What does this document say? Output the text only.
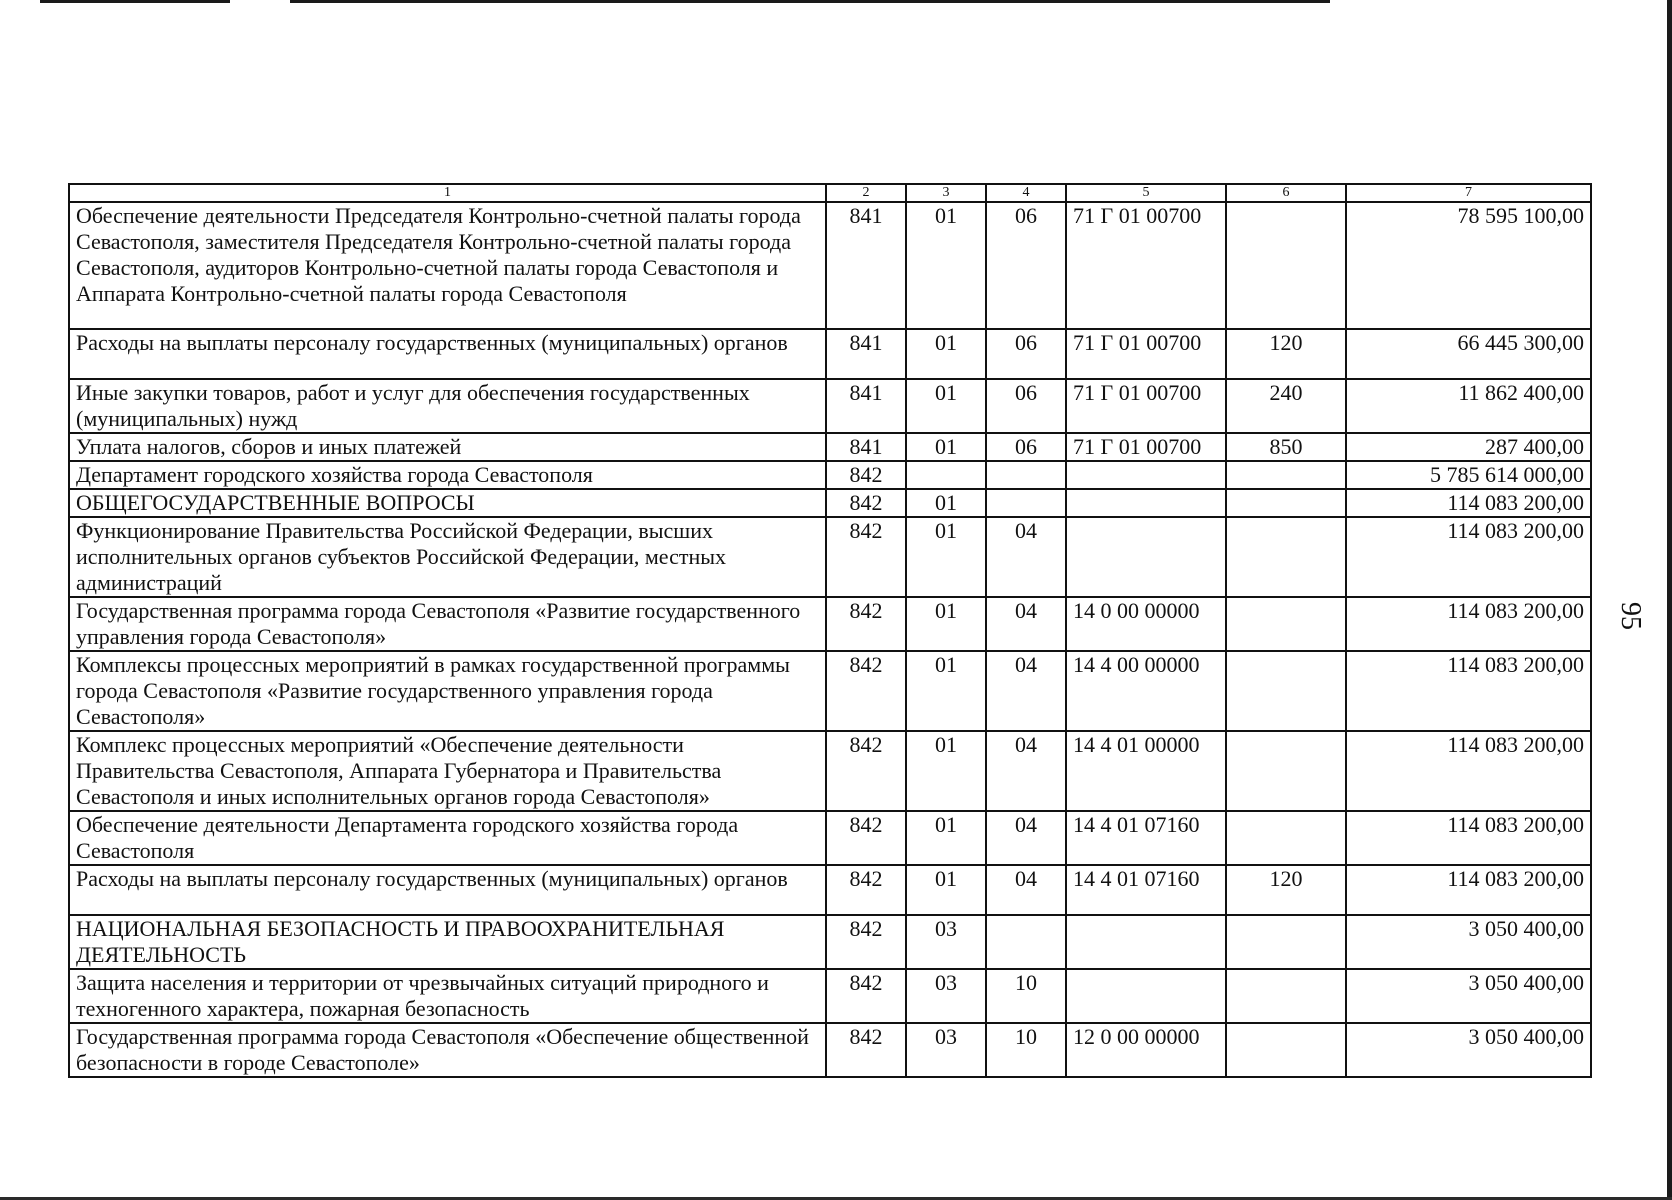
95
1	2	3	4	5	6	7
Обеспечение деятельности Председателя Контрольно-счетной палаты города Севастополя, заместителя Председателя Контрольно-счетной палаты города Севастополя, аудиторов Контрольно-счетной палаты города Севастополя и Аппарата Контрольно-счетной палаты города Севастополя	841	01	06	71 Г 01 00700		78 595 100,00
Расходы на выплаты персоналу государственных (муниципальных) органов	841	01	06	71 Г 01 00700	120	66 445 300,00
Иные закупки товаров, работ и услуг для обеспечения государственных (муниципальных) нужд	841	01	06	71 Г 01 00700	240	11 862 400,00
Уплата налогов, сборов и иных платежей	841	01	06	71 Г 01 00700	850	287 400,00
Департамент городского хозяйства города Севастополя	842					5 785 614 000,00
ОБЩЕГОСУДАРСТВЕННЫЕ ВОПРОСЫ	842	01				114 083 200,00
Функционирование Правительства Российской Федерации, высших исполнительных органов субъектов Российской Федерации, местных администраций	842	01	04			114 083 200,00
Государственная программа города Севастополя «Развитие государственного управления города Севастополя»	842	01	04	14 0 00 00000		114 083 200,00
Комплексы процессных мероприятий в рамках государственной программы города Севастополя «Развитие государственного управления города Севастополя»	842	01	04	14 4 00 00000		114 083 200,00
Комплекс процессных мероприятий «Обеспечение деятельности Правительства Севастополя, Аппарата Губернатора и Правительства Севастополя и иных исполнительных органов города Севастополя»	842	01	04	14 4 01 00000		114 083 200,00
Обеспечение деятельности Департамента городского хозяйства города Севастополя	842	01	04	14 4 01 07160		114 083 200,00
Расходы на выплаты персоналу государственных (муниципальных) органов	842	01	04	14 4 01 07160	120	114 083 200,00
НАЦИОНАЛЬНАЯ БЕЗОПАСНОСТЬ И ПРАВООХРАНИТЕЛЬНАЯ ДЕЯТЕЛЬНОСТЬ	842	03				3 050 400,00
Защита населения и территории от чрезвычайных ситуаций природного и техногенного характера, пожарная безопасность	842	03	10			3 050 400,00
Государственная программа города Севастополя «Обеспечение общественной безопасности в городе Севастополе»	842	03	10	12 0 00 00000		3 050 400,00
